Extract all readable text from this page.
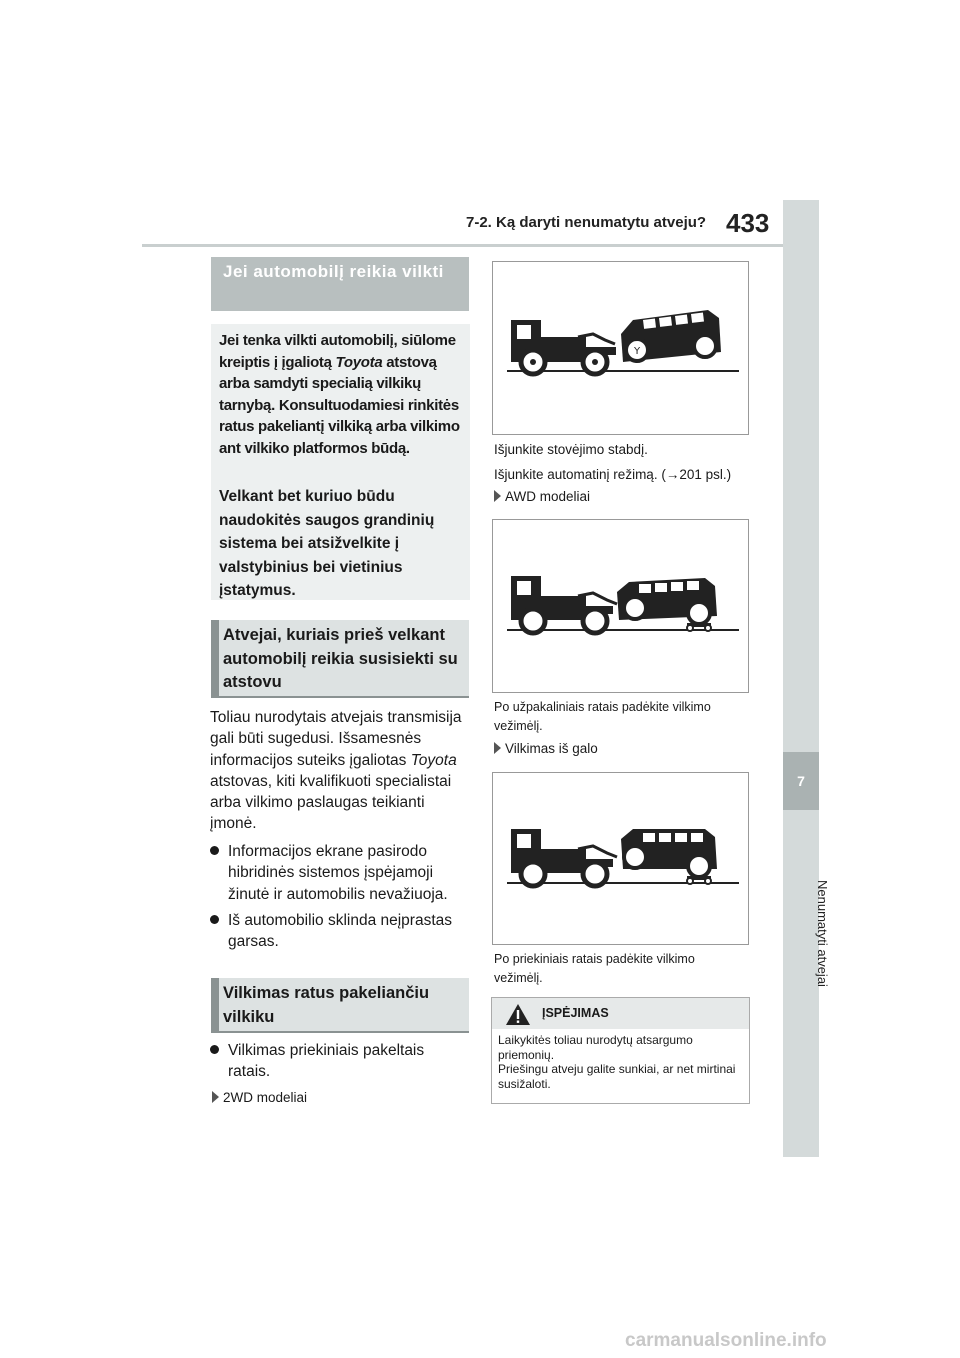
7-2. Ką daryti nenumatytu atveju? 433
7
Nenumatyti atvejai
Jei automobilį reikia vilkti
Jei tenka vilkti automobilį, siūlome kreiptis į įgaliotą Toyota atstovą arba samdyti specialią vilkikų tarnybą. Konsultuodamiesi rinkitės ratus pakeliantį vilkiką arba vilkimo ant vilkiko platformos būdą.
Velkant bet kuriuo būdu naudokitės saugos grandinių sistema bei atsižvelkite į valstybinius bei vietinius įstatymus.
Atvejai, kuriais prieš velkant automobilį reikia susisiekti su atstovu
Toliau nurodytais atvejais transmisija gali būti sugedusi. Išsamesnės informacijos suteiks įgaliotas Toyota atstovas, kiti kvalifikuoti specialistai arba vilkimo paslaugas teikianti įmonė.
Informacijos ekrane pasirodo hibridinės sistemos įspėjamoji žinutė ir automobilis nevažiuoja.
Iš automobilio sklinda neįprastas garsas.
Vilkimas ratus pakeliančiu vilkiku
Vilkimas priekiniais pakeltais ratais.
2WD modeliai
Y
Išjunkite stovėjimo stabdį.
Išjunkite automatinį režimą. (→201 psl.)
AWD modeliai
Po užpakaliniais ratais padėkite vilkimo vežimėlį.
Vilkimas iš galo
Po priekiniais ratais padėkite vilkimo vežimėlį.
ĮSPĖJIMAS
Laikykitės toliau nurodytų atsargumo priemonių.
Priešingu atveju galite sunkiai, ar net mirtinai susižaloti.
carmanualsonline.info
